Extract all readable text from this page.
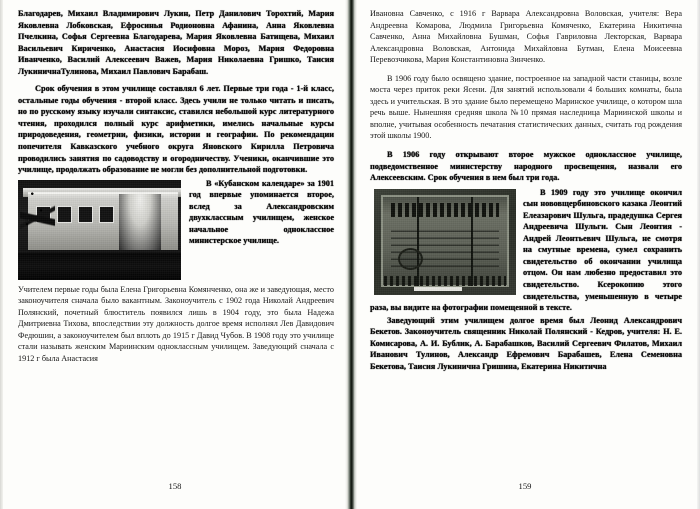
Благодарев, Михаил Владимирович Лукин, Петр Данилович Торохтий, Мария Яковлевна Лобковская, Ефросинья Родионовна Афанина, Анна Яковлевна Пчелкина, Софья Сергеевна Благодарева, Мария Яковлевна Батищева, Михаил Васильевич Кириченко, Анастасия Иосифовна Мороз, Мария Федоровна Иванченко, Василий Алексеевич Важев, Мария Николаевна Гришко, Таисия ЛукиничнаТулинова, Михаил Павлович Барабаш.

Срок обучения в этом училище составлял 6 лет. Первые три года - 1-й класс, остальные годы обучения - второй класс. Здесь учили не только читать и писать, но по русскому языку изучали синтаксис, ставился небольшой курс литературного чтения, проходился полный курс арифметики, имелись начальные курсы природоведения, геометрии, физики, истории и географии. По рекомендации попечителя Кавказского учебного округа Яновского Кирилла Петровича проводились занятия по садоводству и огородничеству. Ученики, оканчившие это училище, продолжать образование не могли без дополнительной подготовки.

В «Кубанском календаре» за 1901 год впервые упоминается второе, вслед за Александровским двухклассным училищем, женское начальное одноклассное министерское училище.

Учителем первые годы была Елена Григорьевна Комянченко, она же и заведующая, место законоучителя сначала было вакантным. Законоучитель с 1902 года Николай Андреевич Полянский, почетный блюститель появился лишь в 1904 году, это была Надежа Дмитриевна Тихова, впоследствии эту должность долгое время исполнял Лев Давидович Федюшин, а законоучителем был вплоть до 1915 г Давид Чубов. В 1908 году это училище стали называть женским Мариинским одноклассным училищем. Заведующий сначала с 1912 г была Анастасия

158

Ивановна Савченко, с 1916 г Варвара Александровна Воловская, учителя: Вера Андреевна Комарова, Людмила Григорьевна Комяченко, Екатерина Никитична Савченко, Анна Михайловна Бушман, Софья Гавриловна Лекторская, Варвара Александровна Воловская, Антонида Михайловна Бутман, Елена Моисеевна Перевозчикова, Мария Константиновна Зинченко.

В 1906 году было освящено здание, построенное на западной части станицы, возле моста через приток реки Ясени. Для занятий использовали 4 больших комнаты, была здесь и учительская. В это здание было перемещено Маринское училище, о котором шла речь выше. Нынешняя средняя школа №10 прямая наследница Мариинской школы и вполне, учитывая особенность печатания статистических данных, считать год рождения этой школы 1900.

В 1906 году открывают второе мужское одноклассное училище, подведомственное министерству народного просвещения, назвали его Алексеевским. Срок обучения в нем был три года.

В 1909 году это училище окончил сын нововщербиновского казака Леонтий Елеазарович Шульга, прадедушка Сергея Андреевича Шульги. Сын Леонтия - Андрей Леонтьевич Шульга, не смотря на смутные времена, сумел сохранить свидетельство об окончании училища отцом. Он нам любезно предоставил это свидетельство. Ксерокопию этого свидетельства, уменьшенную в четыре раза, вы видите на фотографии помещенной в тексте.

Заведующий этим училищем долгое время был Леонид Александрович Бекетов. Законоучитель священник Николай Полянский - Кедров, учителя: Н. Е. Комисарова, А. И. Бублик, А. Барабашков, Василий Сергеевич Филатов, Михаил Иванович Тулинов, Александр Ефремович Барабашев, Елена Семеновна Бекетова, Таисия Лукинична Гришина, Екатерина Никитична

159
